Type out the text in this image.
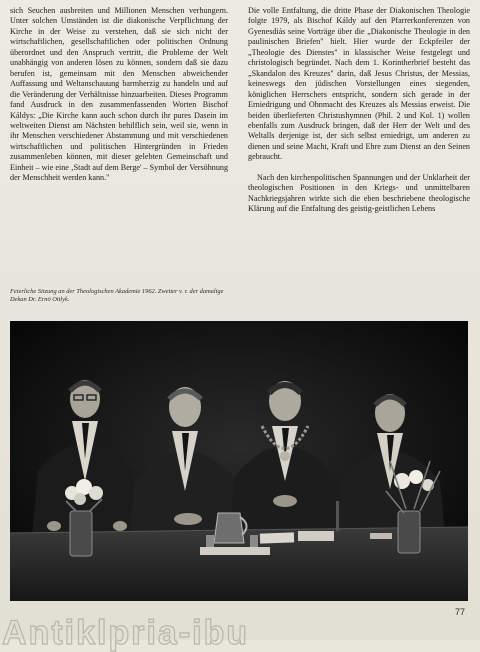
sich Seuchen ausbreiten und Millionen Menschen verhungern. Unter solchen Umständen ist die diakonische Verpflichtung der Kirche in der Weise zu verstehen, daß sie sich nicht der wirtschaftlichen, gesellschaftlichen oder politischen Ordnung überordnet und den Anspruch vertritt, die Probleme der Welt unabhängig von anderen lösen zu können, sondern daß sie dazu berufen ist, gemeinsam mit den Menschen abweichender Auffassung und Weltanschauung barmherzig zu handeln und auf die Veränderung der Verhältnisse hinzuarbeiten. Dieses Programm fand Ausdruck in den zusammenfassenden Worten Bischof Káldys: „Die Kirche kann auch schon durch ihr pures Dasein im weltweiten Dienst am Nächsten behilflich sein, weil sie, wenn in ihr Menschen verschiedener Abstammung und mit verschiedenen wirtschaftlichen und politischen Hintergründen in Frieden zusammenleben können, mit dieser gelebten Gemeinschaft und Einheit – wie eine ‚Stadt auf dem Berge' – Symbol der Versöhnung der Menschheit werden kann."

Die volle Entfaltung, die dritte Phase der Diakonischen Theologie folgte 1979, als Bischof Káldy auf den Pfarrerkonferenzen von Gyenesdiás seine Vorträge über die „Diakonische Theologie in den paulinischen Briefen" hielt. Hier wurde der Eckpfeiler der „Theologie des Dienstes" in klassischer Weise festgelegt und christologisch begründet. Nach dem 1. Korintherbrief besteht das „Skandalon des Kreuzes" darin, daß Jesus Christus, der Messias, keineswegs den jüdischen Vorstellungen eines siegenden, königlichen Herrschers entspricht, sondern sich gerade in der Erniedrigung und Ohnmacht des Kreuzes als Messias erweist. Die beiden überlieferten Christushymnen (Phil. 2 und Kol. 1) wollen ebenfalls zum Ausdruck bringen, daß der Herr der Welt und des Weltalls derjenige ist, der sich selbst erniedrigt, um anderen zu dienen und seine Macht, Kraft und Ehre zum Dienst an den Seinen gebraucht.

Nach den kirchenpolitischen Spannungen und der Unklarheit der theologischen Positionen in den Kriegs- und unmittelbaren Nachkriegsjahren wirkte sich die eben beschriebene theologische Klärung auf die Entfaltung des geistig-geistlichen Lebens

Feierliche Sitzung an der Theologischen Akademie 1962. Zweiter v. r. der damalige Dekan Dr. Ernö Ottlyk.
77
Antiklpria-ibu
